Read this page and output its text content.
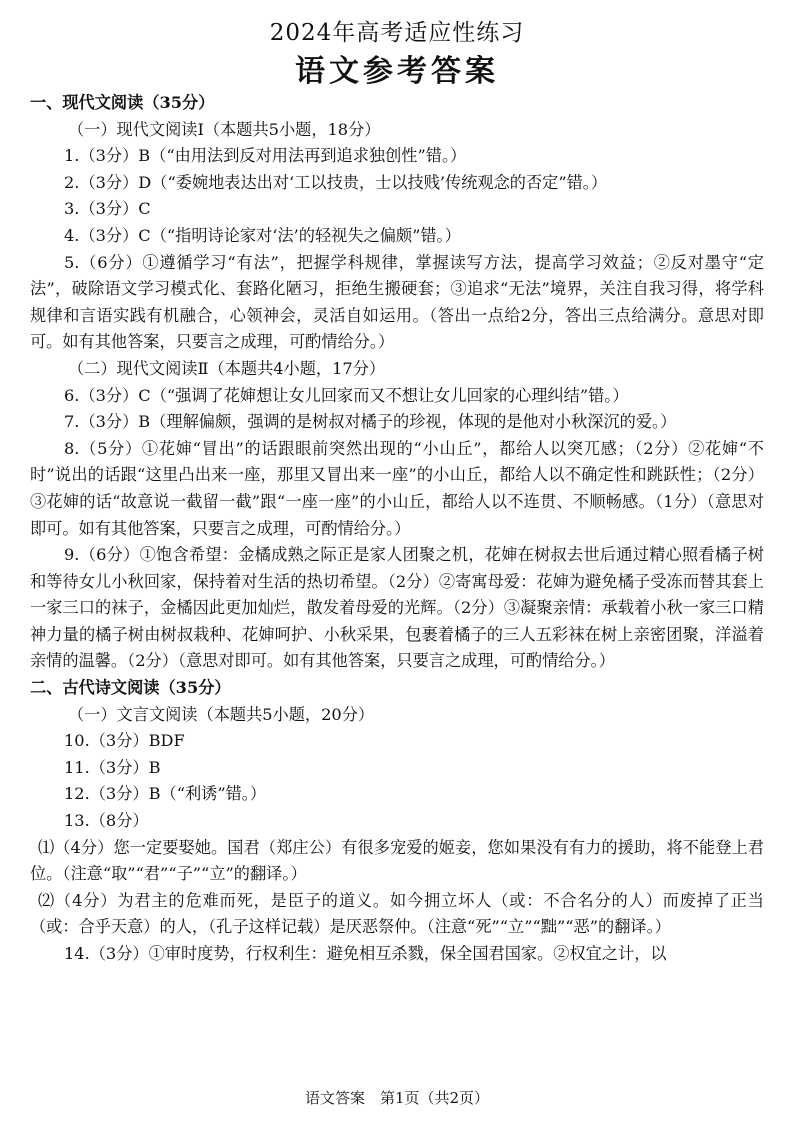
2024年高考适应性练习
语文参考答案
一、现代文阅读（35分）
（一）现代文阅读Ⅰ（本题共5小题，18分）
1.（3分）B（“由用法到反对用法再到追求独创性”错。）
2.（3分）D（“委婉地表达出对‘工以技贵，士以技贱’传统观念的否定”错。）
3.（3分）C
4.（3分）C（“指明诗论家对‘法’的轻视失之偏颇”错。）
5.（6分）①遵循学习“有法”，把握学科规律，掌握读写方法，提高学习效益；②反对墨守“定法”，破除语文学习模式化、套路化陋习，拒绝生搬硬套；③追求“无法”境界，关注自我习得，将学科规律和言语实践有机融合，心领神会，灵活自如运用。（答出一点给2分，答出三点给满分。意思对即可。如有其他答案，只要言之成理，可酌情给分。）
（二）现代文阅读Ⅱ（本题共4小题，17分）
6.（3分）C（“强调了花婶想让女儿回家而又不想让女儿回家的心理纠结”错。）
7.（3分）B（理解偏颇，强调的是树叔对橘子的珍视，体现的是他对小秋深沉的爱。）
8.（5分）①花婶“冒出”的话跟眼前突然出现的“小山丘”，都给人以突兀感；（2分）②花婶“不时”说出的话跟“这里凸出来一座，那里又冒出来一座”的小山丘，都给人以不确定性和跳跃性；（2分）③花婶的话“故意说一截留一截”跟“一座一座”的小山丘，都给人以不连贯、不顺畅感。（1分）（意思对即可。如有其他答案，只要言之成理，可酌情给分。）
9.（6分）①饱含希望：金橘成熟之际正是家人团聚之机，花婶在树叔去世后通过精心照看橘子树和等待女儿小秋回家，保持着对生活的热切希望。（2分）②寄寓母爱：花婶为避免橘子受冻而替其套上一家三口的袜子，金橘因此更加灿烂，散发着母爱的光辉。（2分）③凝聚亲情：承载着小秋一家三口精神力量的橘子树由树叔栽种、花婶呵护、小秋采果，包裹着橘子的三人五彩袜在树上亲密团聚，洋溢着亲情的温馨。（2分）（意思对即可。如有其他答案，只要言之成理，可酌情给分。）
二、古代诗文阅读（35分）
（一）文言文阅读（本题共5小题，20分）
10.（3分）BDF
11.（3分）B
12.（3分）B（“利诱”错。）
13.（8分）
⑴（4分）您一定要娶她。国君（郑庄公）有很多宠爱的姬妾，您如果没有有力的援助，将不能登上君位。（注意“取”“君”“子”“立”的翻译。）
⑵（4分）为君主的危难而死，是臣子的道义。如今拥立坏人（或：不合名分的人）而废掉了正当（或：合乎天意）的人，（孔子这样记载）是厌恶祭仲。（注意“死”“立”“黜”“恶”的翻译。）
14.（3分）①审时度势，行权利生：避免相互杀戮，保全国君国家。②权宜之计，以
语文答案　第1页（共2页）
